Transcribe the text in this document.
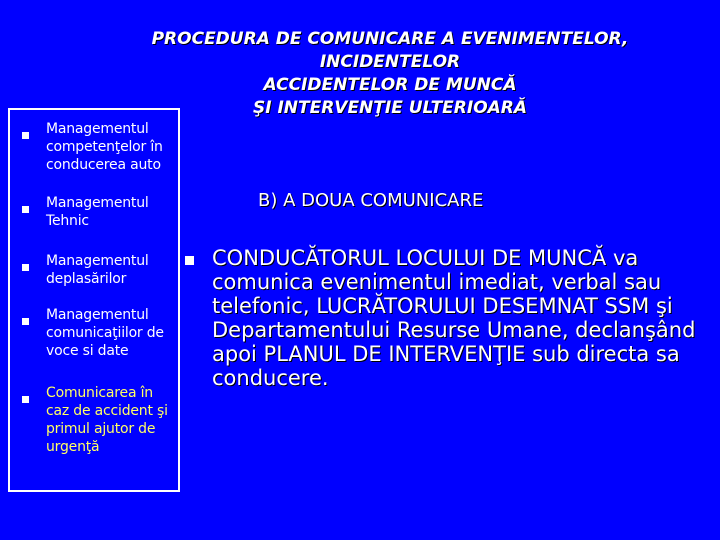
PROCEDURA DE COMUNICARE A EVENIMENTELOR,
INCIDENTELOR
ACCIDENTELOR DE MUNCĂ
ŞI INTERVENŢIE ULTERIOARĂ
Managementul competenţelor în conducerea auto
Managementul Tehnic
Managementul deplasărilor
Managementul comunicaţiilor de voce si date
Comunicarea în caz de accident şi primul ajutor de urgenţă
B) A DOUA COMUNICARE
CONDUCĂTORUL LOCULUI DE MUNCĂ va comunica evenimentul imediat, verbal sau telefonic, LUCRĂTORULUI DESEMNAT SSM şi Departamentului Resurse Umane, declanşând apoi PLANUL DE INTERVENŢIE sub directa sa conducere.
